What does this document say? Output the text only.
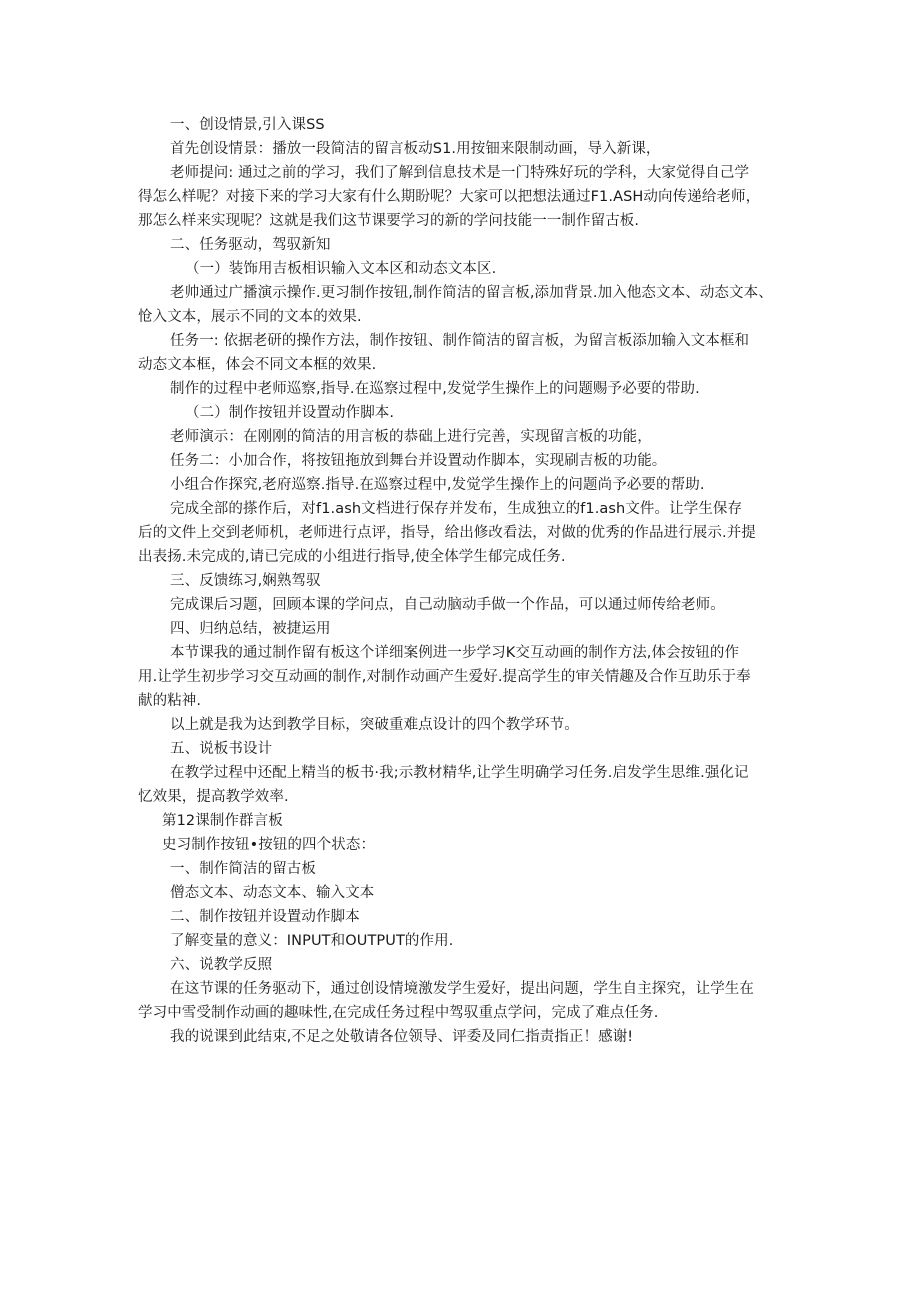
一、创设情景,引入课SS

首先创设情景：播放一段简洁的留言板动S1.用按钿来限制动画，导入新课，

老师提问: 通过之前的学习，我们了解到信息技术是一门特殊好玩的学科，大家觉得自己学

得怎么样呢？对接下来的学习大家有什么期盼呢？大家可以把想法通过F1.ASH动向传递给老师，

那怎么样来实现呢？这就是我们这节课要学习的新的学问技能一一制作留古板.

二、任务驱动，驾驭新知

（一）装饰用吉板相识输入文本区和动态文本区.

老帅通过广播演示操作.更习制作按钮,制作简洁的留言板,添加背景.加入他态文本、动态文本、

怆入文本，展示不同的文本的效果.

任务一: 依据老研的操作方法，制作按钮、制作简洁的留言板，为留言板添加输入文本框和

动态文本框，体会不同文本框的效果.

制作的过程中老师巡察,指导.在巡察过程中,发觉学生操作上的问题赐予必要的带助.

（二）制作按钮并设置动作脚本.

老师演示：在刚刚的简洁的用言板的恭础上进行完善，实现留言板的功能，

任务二：小加合作，将按钮拖放到舞台并设置动作脚本，实现刷吉板的功能。

小组合作探究,老府巡察.指导.在巡察过程中,发觉学生操作上的问题尚予必要的帮助.

完成全部的搽作后，对f1.ash文档进行保存并发布，生成独立的f1.ash文件。让学生保存

后的文件上交到老师机，老师进行点评，指导，给出修改看法，对做的优秀的作品进行展示.并提

出表扬.未完成的,请已完成的小组进行指导,使全体学生郁完成任务.

三、反馈练习,娴熟驾驭

完成课后习题，回顾本课的学问点，自己动脑动手做一个作品，可以通过师传给老师。

四、归纳总结，被捷运用

本节课我的通过制作留有板这个详细案例进一步学习K交互动画的制作方法,体会按钮的作

用.让学生初步学习交互动画的制作,对制作动画产生爱好.提高学生的审关情趣及合作互助乐于奉

献的粘神.

以上就是我为达到教学目标，突破重难点设计的四个教学环节。

五、说板书设计

在教学过程中还配上精当的板书·我;示教材精华,让学生明确学习任务.启发学生思维.强化记

忆效果，提高教学效率.

第12课制作群言板

史习制作按钮•按钮的四个状态：

一、制作简洁的留古板

僧态文本、动态文本、输入文本

二、制作按钮并设置动作脚本

了解变量的意义：INPUT和OUTPUT的作用.

六、说教学反照

在这节课的任务驱动下，通过创设情境激发学生爱好，提出问题，学生自主探究，让学生在

学习中雪受制作动画的趣味性,在完成任务过程中驾驭重点学问，完成了难点任务.

我的说课到此结束,不足之处敬请各位领导、评委及同仁指责指正！感谢!
